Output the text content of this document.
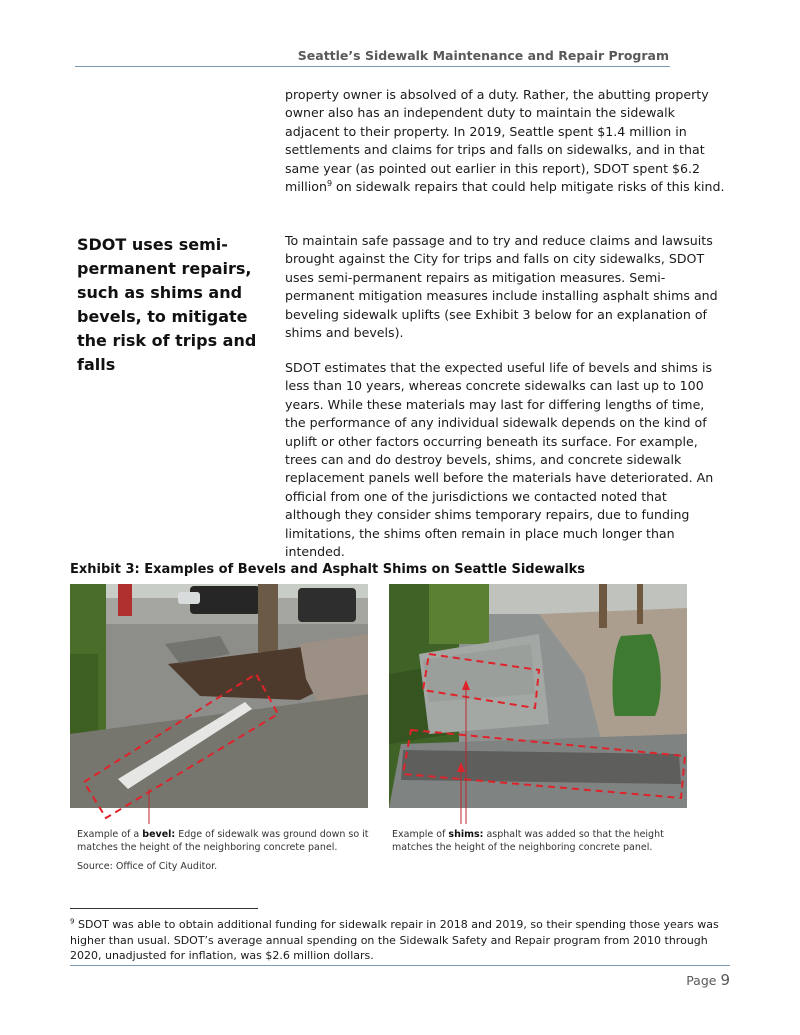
Seattle’s Sidewalk Maintenance and Repair Program

property owner is absolved of a duty. Rather, the abutting property owner also has an independent duty to maintain the sidewalk adjacent to their property. In 2019, Seattle spent $1.4 million in settlements and claims for trips and falls on sidewalks, and in that same year (as pointed out earlier in this report), SDOT spent $6.2 million$^9$ on sidewalk repairs that could help mitigate risks of this kind.

SDOT uses semi-permanent repairs, such as shims and bevels, to mitigate the risk of trips and falls

To maintain safe passage and to try and reduce claims and lawsuits brought against the City for trips and falls on city sidewalks, SDOT uses semi-permanent repairs as mitigation measures. Semi-permanent mitigation measures include installing asphalt shims and beveling sidewalk uplifts (see Exhibit 3 below for an explanation of shims and bevels).

SDOT estimates that the expected useful life of bevels and shims is less than 10 years, whereas concrete sidewalks can last up to 100 years. While these materials may last for differing lengths of time, the performance of any individual sidewalk depends on the kind of uplift or other factors occurring beneath its surface. For example, trees can and do destroy bevels, shims, and concrete sidewalk replacement panels well before the materials have deteriorated. An official from one of the jurisdictions we contacted noted that although they consider shims temporary repairs, due to funding limitations, the shims often remain in place much longer than intended.

Exhibit 3: Examples of Bevels and Asphalt Shims on Seattle Sidewalks
Example of a bevel: Edge of sidewalk was ground down so it matches the height of the neighboring concrete panel.
Example of shims: asphalt was added so that the height matches the height of the neighboring concrete panel.
Source: Office of City Auditor.

$^9$ SDOT was able to obtain additional funding for sidewalk repair in 2018 and 2019, so their spending those years was higher than usual. SDOT’s average annual spending on the Sidewalk Safety and Repair program from 2010 through 2020, unadjusted for inflation, was $2.6 million dollars.

Page 9
